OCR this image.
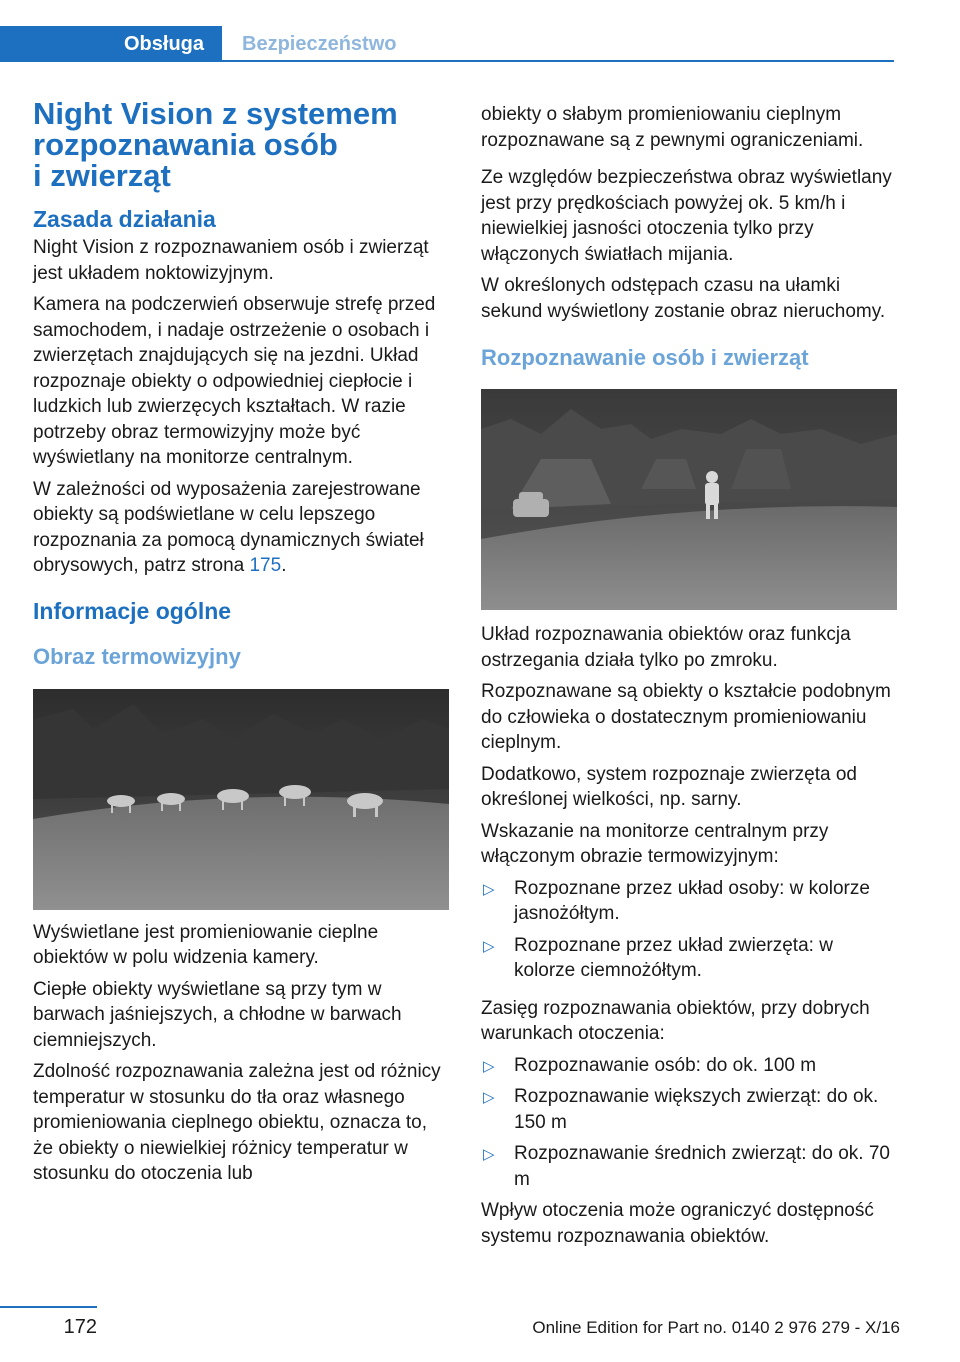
Obsługa Bezpieczeństwo
Night Vision z systemem
rozpoznawania osób
i zwierząt
Zasada działania

Night Vision z rozpoznawaniem osób i zwierząt jest układem noktowizyjnym.

Kamera na podczerwień obserwuje strefę przed samochodem, i nadaje ostrzeżenie o osobach i zwierzętach znajdujących się na jezdni. Układ rozpoznaje obiekty o odpowiedniej ciepłocie i ludzkich lub zwierzęcych kształtach. W razie potrzeby obraz termowizyjny może być wyświetlany na monitorze centralnym.

W zależności od wyposażenia zarejestrowane obiekty są podświetlane w celu lepszego rozpoznania za pomocą dynamicznych świateł obrysowych, patrz strona 175.

Informacje ogólne
Obraz termowizyjny

Wyświetlane jest promieniowanie cieplne obiektów w polu widzenia kamery.

Ciepłe obiekty wyświetlane są przy tym w barwach jaśniejszych, a chłodne w barwach ciemniejszych.

Zdolność rozpoznawania zależna jest od różnicy temperatur w stosunku do tła oraz własnego promieniowania cieplnego obiektu, oznacza to, że obiekty o niewielkiej różnicy temperatur w stosunku do otoczenia lub

obiekty o słabym promieniowaniu cieplnym rozpoznawane są z pewnymi ograniczeniami.

Ze względów bezpieczeństwa obraz wyświetlany jest przy prędkościach powyżej ok. 5 km/h i niewielkiej jasności otoczenia tylko przy włączonych światłach mijania.

W określonych odstępach czasu na ułamki sekund wyświetlony zostanie obraz nieruchomy.

Rozpoznawanie osób i zwierząt

Układ rozpoznawania obiektów oraz funkcja ostrzegania działa tylko po zmroku.

Rozpoznawane są obiekty o kształcie podobnym do człowieka o dostatecznym promieniowaniu cieplnym.

Dodatkowo, system rozpoznaje zwierzęta od określonej wielkości, np. sarny.

Wskazanie na monitorze centralnym przy włączonym obrazie termowizyjnym:

▷ Rozpoznane przez układ osoby: w kolorze jasnożółtym.
▷ Rozpoznane przez układ zwierzęta: w kolorze ciemnożółtym.

Zasięg rozpoznawania obiektów, przy dobrych warunkach otoczenia:

▷ Rozpoznawanie osób: do ok. 100 m
▷ Rozpoznawanie większych zwierząt: do ok. 150 m
▷ Rozpoznawanie średnich zwierząt: do ok. 70 m

Wpływ otoczenia może ograniczyć dostępność systemu rozpoznawania obiektów.

172	Online Edition for Part no. 0140 2 976 279 - X/16
